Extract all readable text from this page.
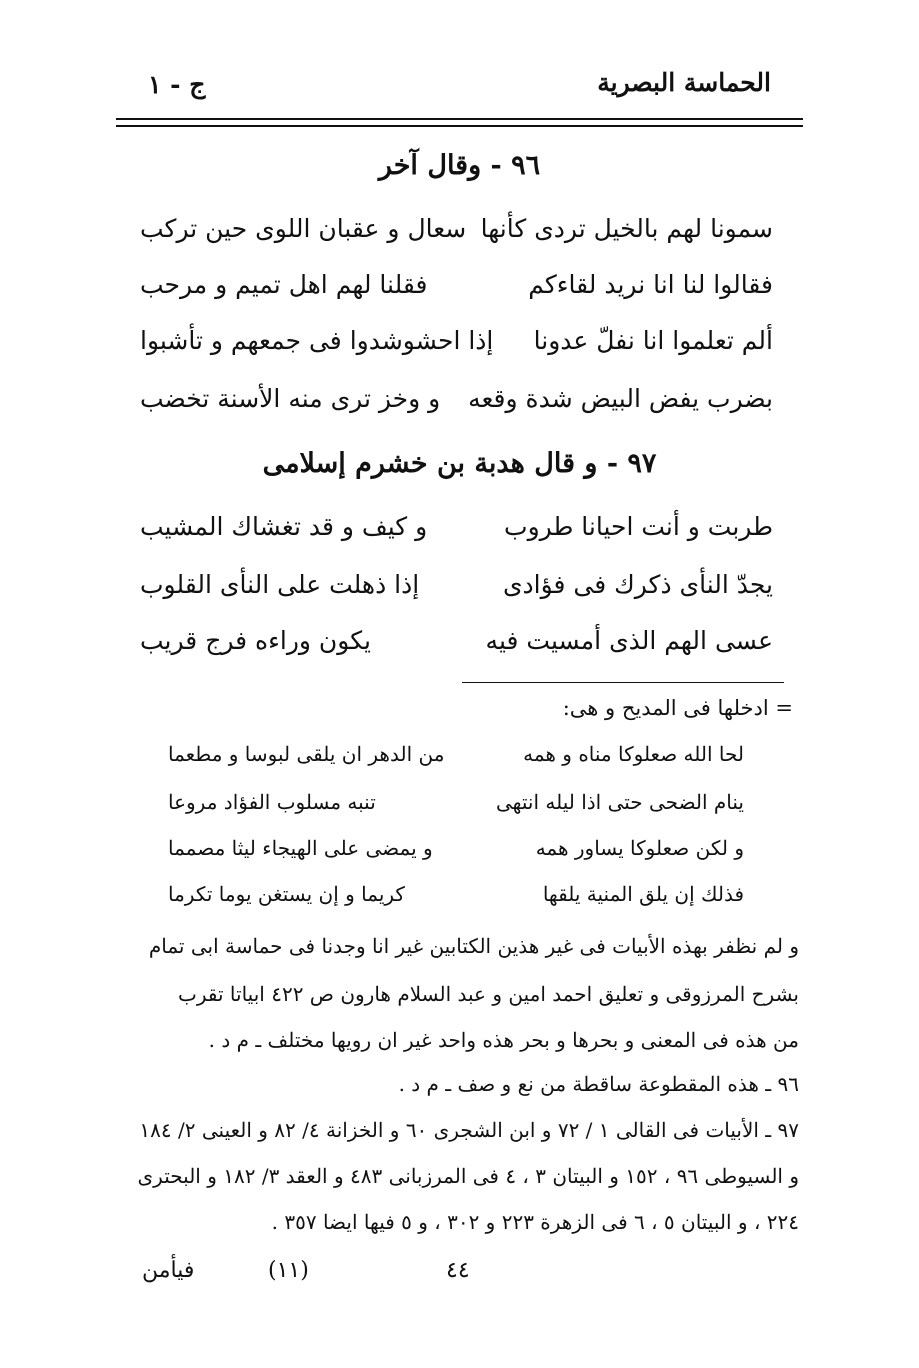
الحماسة البصرية
ج - ١
٩٦ - وقال آخر
سمونا لهم بالخيل تردى كأنها
سعال و عقبان اللوى حين تركب
فقالوا لنا انا نريد لقاءكم
فقلنا لهم اهل تميم و مرحب
ألم تعلموا انا نفلّ عدونا
إذا احشوشدوا فى جمعهم و تأشبوا
بضرب يفض البيض شدة وقعه
و وخز ترى منه الأسنة تخضب
٩٧ - و قال هدبة بن خشرم إسلامى
طربت و أنت احيانا طروب
و كيف و قد تغشاك المشيب
يجدّ النأى ذكرك فى فؤادى
إذا ذهلت على النأى القلوب
عسى الهم الذى أمسيت فيه
يكون وراءه فرج قريب
= ادخلها فى المديح و هى:
لحا الله صعلوكا مناه و همه
من الدهر ان يلقى لبوسا و مطعما
ينام الضحى حتى اذا ليله انتهى
تنبه مسلوب الفؤاد مروعا
و لكن صعلوكا يساور همه
و يمضى على الهيجاء ليثا مصمما
فذلك إن يلق المنية يلقها
كريما و إن يستغن يوما تكرما
و لم نظفر بهذه الأبيات فى غير هذين الكتابين غير انا وجدنا فى حماسة ابى تمام
بشرح المرزوقى و تعليق احمد امين و عبد السلام هارون ص ٤٢٢ ابياتا تقرب
من هذه فى المعنى و بحرها و بحر هذه واحد غير ان رويها مختلف ـ م د .
٩٦ ـ هذه المقطوعة ساقطة من نع و صف ـ م د .
٩٧ ـ الأبيات فى القالى ١ / ٧٢ و ابن الشجرى ٦٠ و الخزانة ٤/ ٨٢ و العينى ٢/ ١٨٤
و السيوطى ٩٦ ، ١٥٢ و البيتان ٣ ، ٤ فى المرزبانى ٤٨٣ و العقد ٣/ ١٨٢ و البحترى
٢٢٤ ، و البيتان ٥ ، ٦ فى الزهرة ٢٢٣ و ٣٠٢ ، و ٥ فيها ايضا ٣٥٧ .
فيأمن	(١١)	٤٤
